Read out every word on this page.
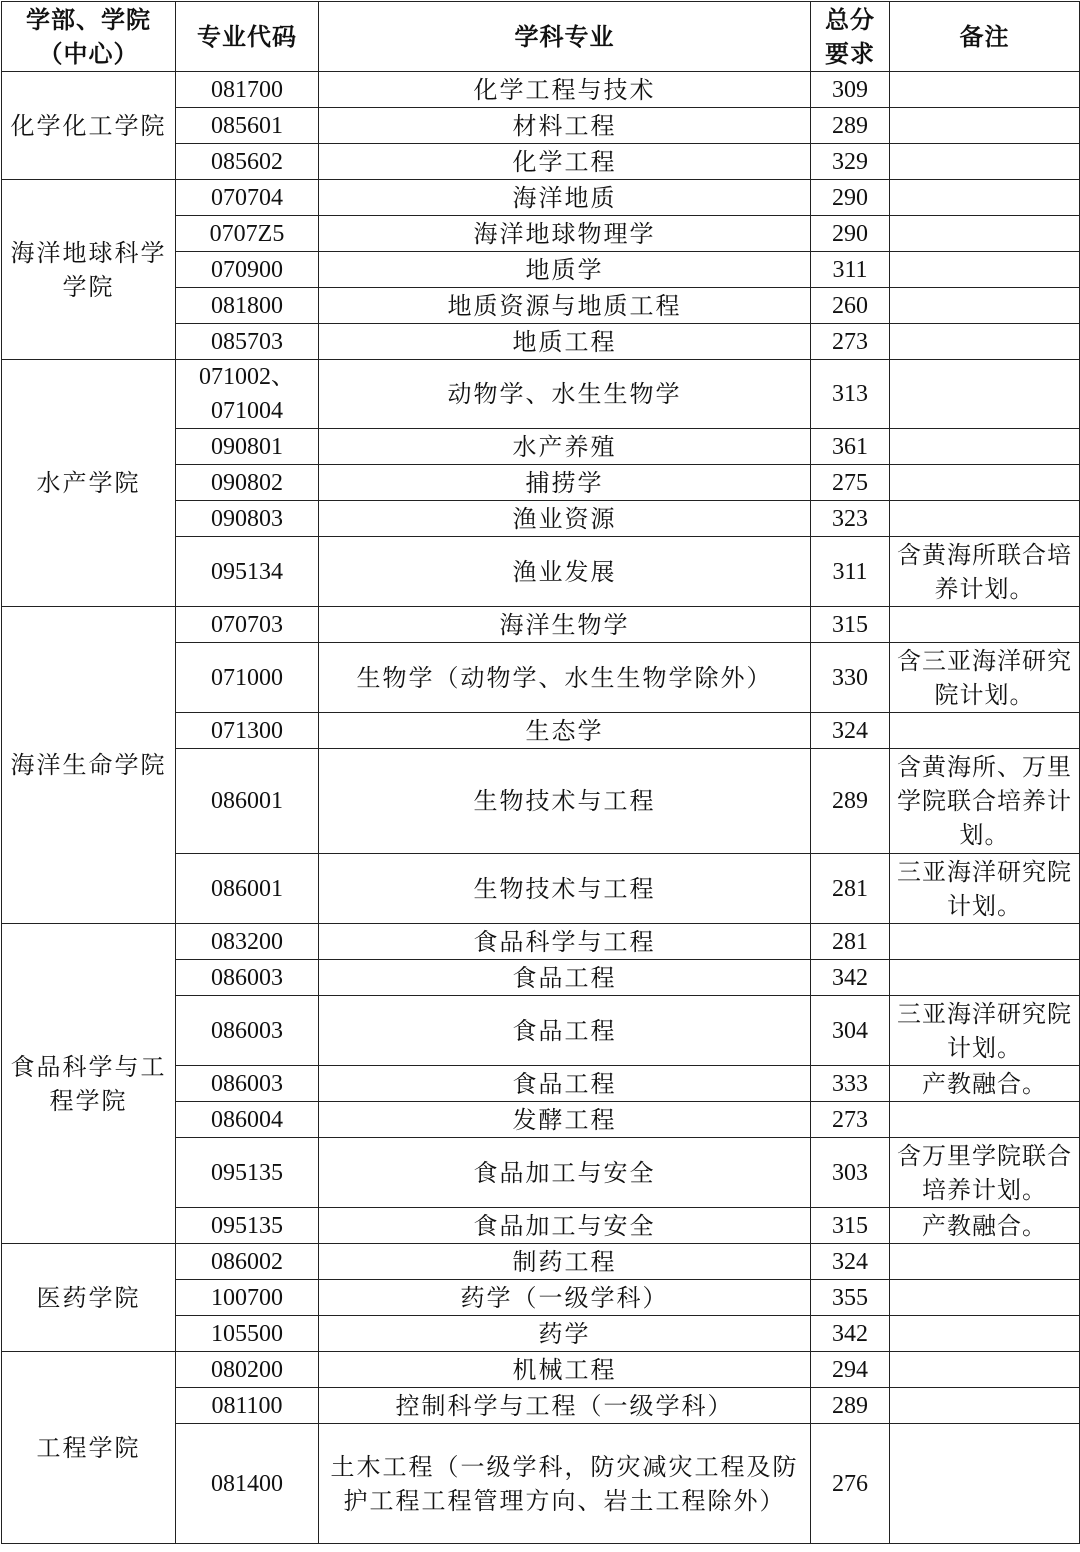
学部、学院（中心）	专业代码	学科专业	总分要求	备注
化学化工学院	081700	化学工程与技术	309	
	085601	材料工程	289	
	085602	化学工程	329	
海洋地球科学学院	070704	海洋地质	290	
	0707Z5	海洋地球物理学	290	
	070900	地质学	311	
	081800	地质资源与地质工程	260	
	085703	地质工程	273	
水产学院	071002、071004	动物学、水生生物学	313	
	090801	水产养殖	361	
	090802	捕捞学	275	
	090803	渔业资源	323	
	095134	渔业发展	311	含黄海所联合培养计划。
海洋生命学院	070703	海洋生物学	315	
	071000	生物学（动物学、水生生物学除外）	330	含三亚海洋研究院计划。
	071300	生态学	324	
	086001	生物技术与工程	289	含黄海所、万里学院联合培养计划。
	086001	生物技术与工程	281	三亚海洋研究院计划。
食品科学与工程学院	083200	食品科学与工程	281	
	086003	食品工程	342	
	086003	食品工程	304	三亚海洋研究院计划。
	086003	食品工程	333	产教融合。
	086004	发酵工程	273	
	095135	食品加工与安全	303	含万里学院联合培养计划。
	095135	食品加工与安全	315	产教融合。
医药学院	086002	制药工程	324	
	100700	药学（一级学科）	355	
	105500	药学	342	
工程学院	080200	机械工程	294	
	081100	控制科学与工程（一级学科）	289	
	081400	土木工程（一级学科，防灾减灾工程及防护工程工程管理方向、岩土工程除外）	276	
